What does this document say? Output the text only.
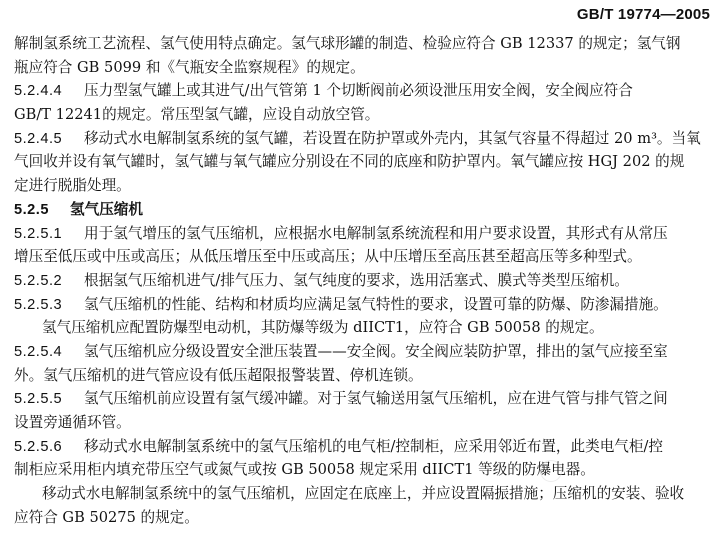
GB/T 19774—2005
解制氢系统工艺流程、氢气使用特点确定。氢气球形罐的制造、检验应符合 GB 12337 的规定；氢气钢
瓶应符合 GB 5099 和《气瓶安全监察规程》的规定。
5.2.4.4 压力型氢气罐上或其进气/出气管第 1 个切断阀前必须设泄压用安全阀，安全阀应符合
GB/T 12241的规定。常压型氢气罐，应设自动放空管。
5.2.4.5 移动式水电解制氢系统的氢气罐，若设置在防护罩或外壳内，其氢气容量不得超过 20 m³。当氧
气回收并设有氧气罐时，氢气罐与氧气罐应分别设在不同的底座和防护罩内。氧气罐应按 HGJ 202 的规
定进行脱脂处理。
5.2.5 氢气压缩机
5.2.5.1 用于氢气增压的氢气压缩机，应根据水电解制氢系统流程和用户要求设置，其形式有从常压
增压至低压或中压或高压；从低压增压至中压或高压；从中压增压至高压甚至超高压等多种型式。
5.2.5.2 根据氢气压缩机进气/排气压力、氢气纯度的要求，选用活塞式、膜式等类型压缩机。
5.2.5.3 氢气压缩机的性能、结构和材质均应满足氢气特性的要求，设置可靠的防爆、防渗漏措施。
氢气压缩机应配置防爆型电动机，其防爆等级为 dIICT1，应符合 GB 50058 的规定。
5.2.5.4 氢气压缩机应分级设置安全泄压装置——安全阀。安全阀应装防护罩，排出的氢气应接至室
外。氢气压缩机的进气管应设有低压超限报警装置、停机连锁。
5.2.5.5 氢气压缩机前应设置有氢气缓冲罐。对于氢气输送用氢气压缩机，应在进气管与排气管之间
设置旁通循环管。
5.2.5.6 移动式水电解制氢系统中的氢气压缩机的电气柜/控制柜，应采用邻近布置，此类电气柜/控
制柜应采用柜内填充带压空气或氮气或按 GB 50058 规定采用 dIICT1 等级的防爆电器。
移动式水电解制氢系统中的氢气压缩机，应固定在底座上，并应设置隔振措施；压缩机的安装、验收
应符合 GB 50275 的规定。
